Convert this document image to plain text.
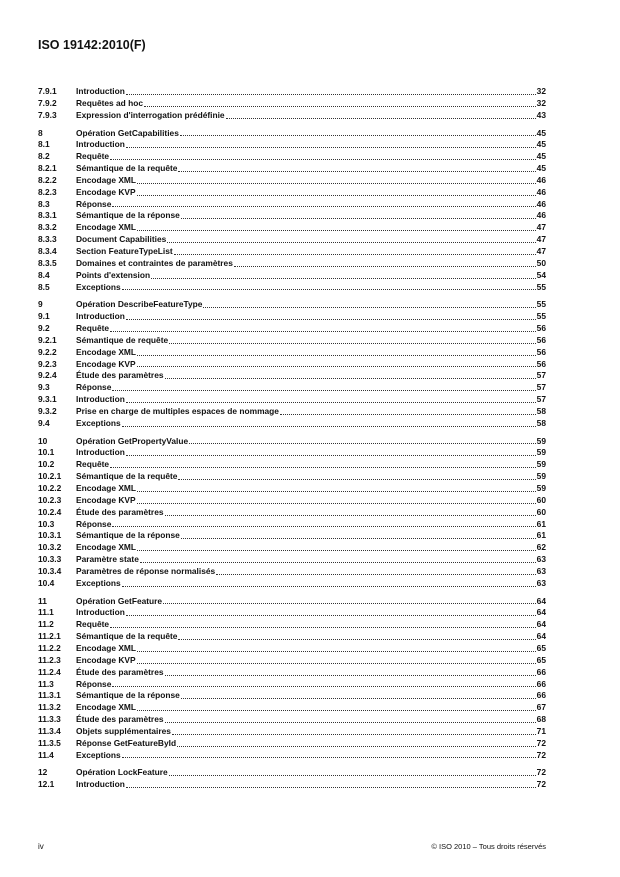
ISO 19142:2010(F)
7.9.1	Introduction	32
7.9.2	Requêtes ad hoc	32
7.9.3	Expression d'interrogation prédéfinie	43
8	Opération GetCapabilities	45
8.1	Introduction	45
8.2	Requête	45
8.2.1	Sémantique de la requête	45
8.2.2	Encodage XML	46
8.2.3	Encodage KVP	46
8.3	Réponse	46
8.3.1	Sémantique de la réponse	46
8.3.2	Encodage XML	47
8.3.3	Document Capabilities	47
8.3.4	Section FeatureTypeList	47
8.3.5	Domaines et contraintes de paramètres	50
8.4	Points d'extension	54
8.5	Exceptions	55
9	Opération DescribeFeatureType	55
9.1	Introduction	55
9.2	Requête	56
9.2.1	Sémantique de requête	56
9.2.2	Encodage XML	56
9.2.3	Encodage KVP	56
9.2.4	Étude des paramètres	57
9.3	Réponse	57
9.3.1	Introduction	57
9.3.2	Prise en charge de multiples espaces de nommage	58
9.4	Exceptions	58
10	Opération GetPropertyValue	59
10.1	Introduction	59
10.2	Requête	59
10.2.1	Sémantique de la requête	59
10.2.2	Encodage XML	59
10.2.3	Encodage KVP	60
10.2.4	Étude des paramètres	60
10.3	Réponse	61
10.3.1	Sémantique de la réponse	61
10.3.2	Encodage XML	62
10.3.3	Paramètre state	63
10.3.4	Paramètres de réponse normalisés	63
10.4	Exceptions	63
11	Opération GetFeature	64
11.1	Introduction	64
11.2	Requête	64
11.2.1	Sémantique de la requête	64
11.2.2	Encodage XML	65
11.2.3	Encodage KVP	65
11.2.4	Étude des paramètres	66
11.3	Réponse	66
11.3.1	Sémantique de la réponse	66
11.3.2	Encodage XML	67
11.3.3	Étude des paramètres	68
11.3.4	Objets supplémentaires	71
11.3.5	Réponse GetFeatureById	72
11.4	Exceptions	72
12	Opération LockFeature	72
12.1	Introduction	72
iv	© ISO 2010 – Tous droits réservés
